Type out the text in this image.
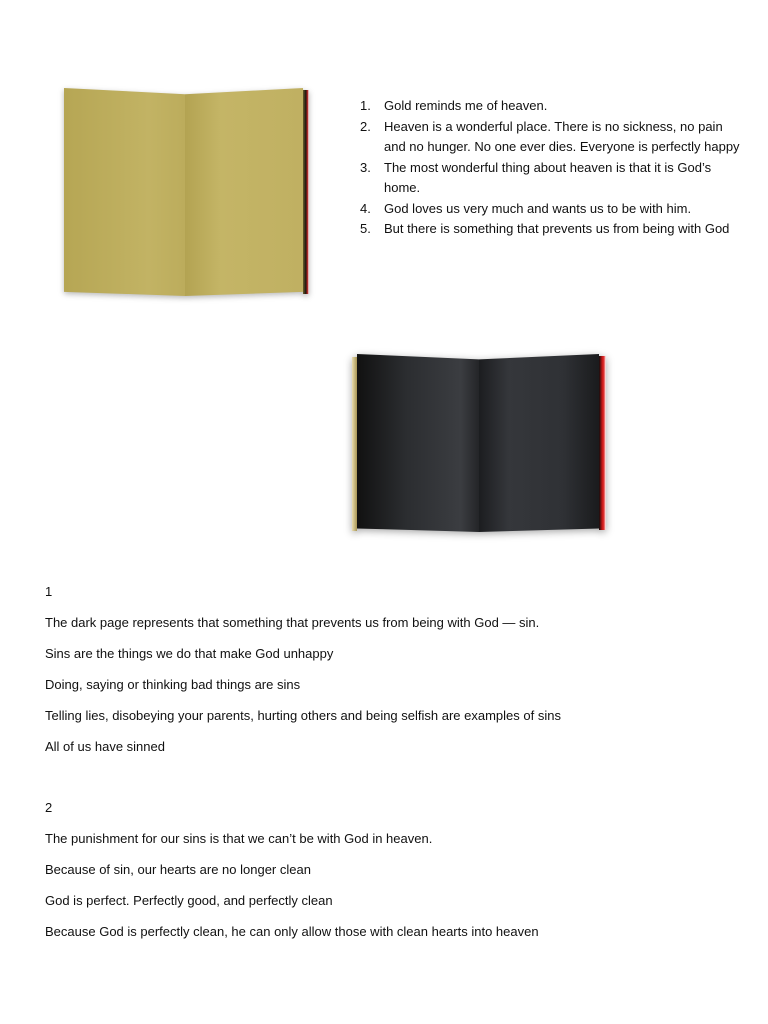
1. Gold reminds me of heaven.
2. Heaven is a wonderful place. There is no sickness, no pain and no hunger. No one ever dies. Everyone is perfectly happy
3. The most wonderful thing about heaven is that it is God’s home.
4. God loves us very much and wants us to be with him.
5. But there is something that prevents us from being with God

1

The dark page represents that something that prevents us from being with God — sin.

Sins are the things we do that make God unhappy

Doing, saying or thinking bad things are sins

Telling lies, disobeying your parents, hurting others and being selfish are examples of sins

All of us have sinned

2

The punishment for our sins is that we can’t be with God in heaven.

Because of sin, our hearts are no longer clean

God is perfect. Perfectly good, and perfectly clean

Because God is perfectly clean, he can only allow those with clean hearts into heaven
